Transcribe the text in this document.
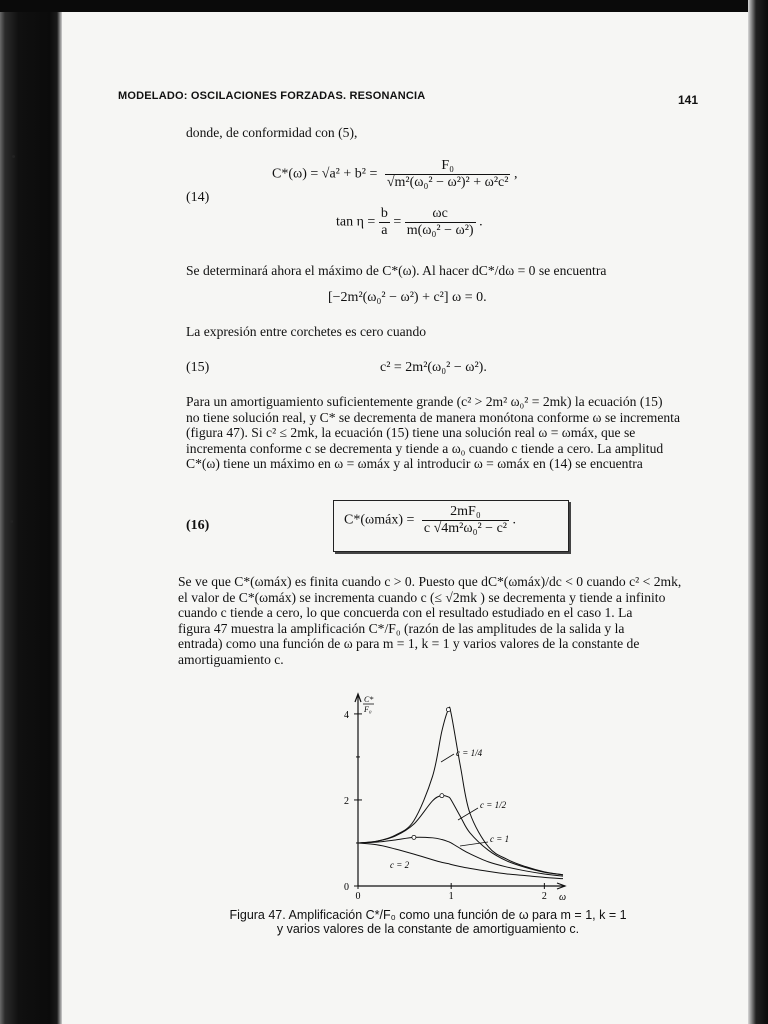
MODELADO: OSCILACIONES FORZADAS. RESONANCIA	141
donde, de conformidad con (5),
(14)
$C*(\omega) = √a^2 + b^2 = \frac{\text{F₀}}{\text{√m²(ω₀² − ω²)² + ω²c²}}$ ,
$\tan \eta = \frac{b}{a} = \frac{\omega c}{\text{m(ω₀² − ω²)}}$ .
Se determinará ahora el máximo de C*(ω). Al hacer dC*/dω = 0 se encuentra
[−2m²(ω₀² − ω²) + c²] ω = 0.
La expresión entre corchetes es cero cuando
(15)	c² = 2m²(ω₀² − ω²).
Para un amortiguamiento suficientemente grande (c² > 2m² ω₀² = 2mk) la ecuación (15)
no tiene solución real, y C* se decrementa de manera monótona conforme ω se incrementa
(figura 47). Si c² ≤ 2mk, la ecuación (15) tiene una solución real ω = ωmáx, que se
incrementa conforme c se decrementa y tiende a ω₀ cuando c tiende a cero. La amplitud
C*(ω) tiene un máximo en ω = ωmáx y al introducir ω = ωmáx en (14) se encuentra
(16)	C*(ωmáx) = $\frac{\text{2mF₀}}{\text{c √4m²ω₀² − c²}}$ .
Se ve que C*(ωmáx) es finita cuando c > 0. Puesto que dC*(ωmáx)/dc < 0 cuando c² < 2mk,
el valor de C*(ωmáx) se incrementa cuando c (≤ √2mk ) se decrementa y tiende a infinito
cuando c tiende a cero, lo que concuerda con el resultado estudiado en el caso 1. La
figura 47 muestra la amplificación C*/F₀ (razón de las amplitudes de la salida y la
entrada) como una función de ω para m = 1, k = 1 y varios valores de la constante de
amortiguamiento c.
4
2
0
0	1	2 ω
C*
F₀
c = 1/4
c = 1/2
c = 1
c = 2
Figura 47. Amplificación C*/F₀ como una función de ω para m = 1, k = 1
y varios valores de la constante de amortiguamiento c.
